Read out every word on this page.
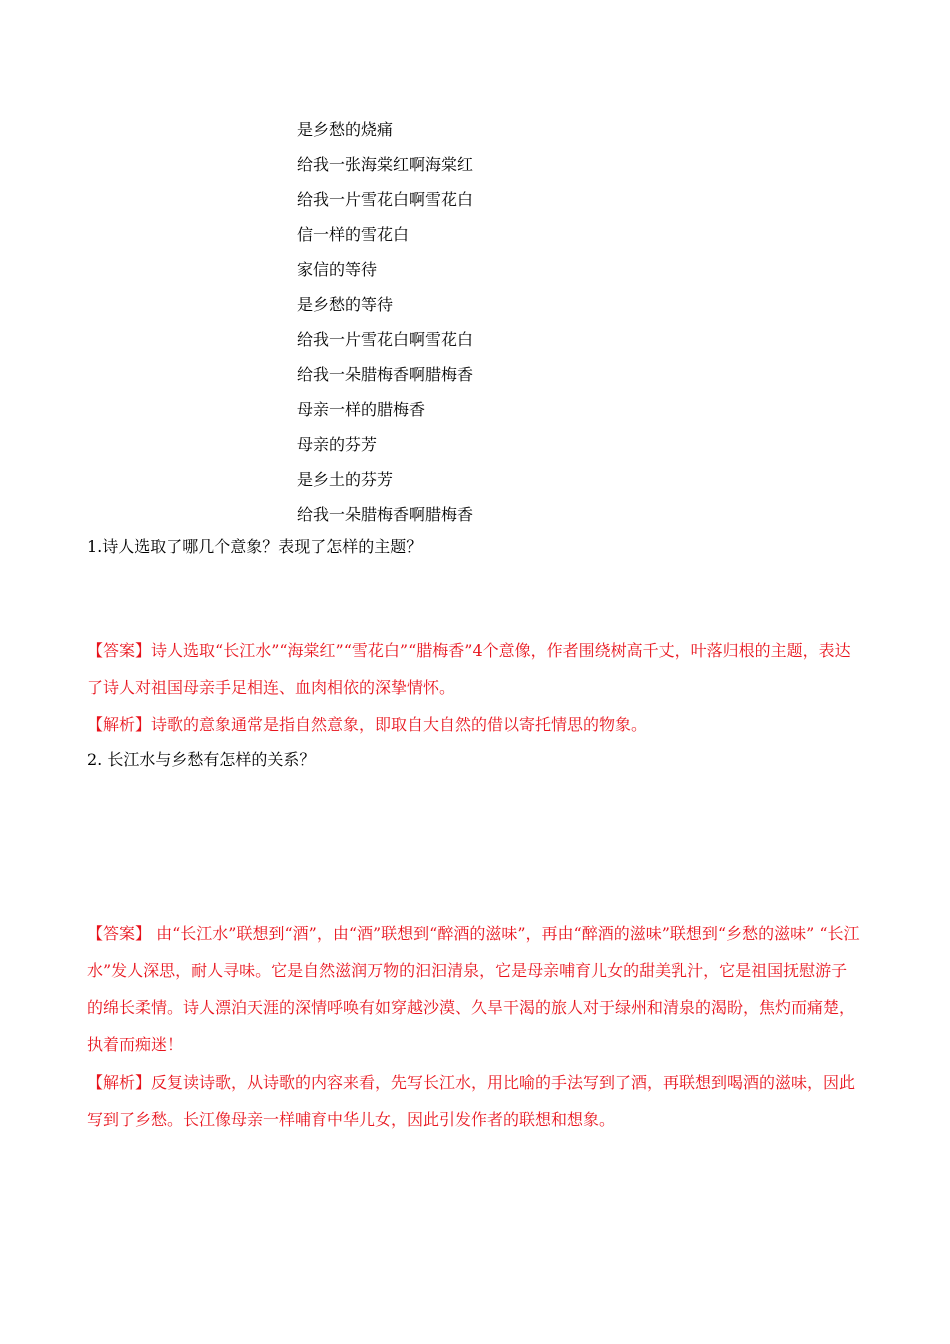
是乡愁的烧痛
给我一张海棠红啊海棠红
给我一片雪花白啊雪花白
信一样的雪花白
家信的等待
是乡愁的等待
给我一片雪花白啊雪花白
给我一朵腊梅香啊腊梅香
母亲一样的腊梅香
母亲的芬芳
是乡土的芬芳
给我一朵腊梅香啊腊梅香
1.诗人选取了哪几个意象？表现了怎样的主题？

【答案】诗人选取“长江水”“海棠红”“雪花白”“腊梅香”4个意像，作者围绕树高千丈，叶落归根的主题，表达了诗人对祖国母亲手足相连、血肉相依的深挚情怀。

【解析】诗歌的意象通常是指自然意象，即取自大自然的借以寄托情思的物象。

2. 长江水与乡愁有怎样的关系？

【答案】 由“长江水”联想到“酒”，由“酒”联想到“醉酒的滋味”，再由“醉酒的滋味”联想到“乡愁的滋味” “长江水”发人深思，耐人寻味。它是自然滋润万物的汩汩清泉，它是母亲哺育儿女的甜美乳汁，它是祖国抚慰游子的绵长柔情。诗人漂泊天涯的深情呼唤有如穿越沙漠、久旱干渴的旅人对于绿州和清泉的渴盼，焦灼而痛楚，执着而痴迷！

【解析】反复读诗歌，从诗歌的内容来看，先写长江水，用比喻的手法写到了酒，再联想到喝酒的滋味，因此写到了乡愁。长江像母亲一样哺育中华儿女，因此引发作者的联想和想象。
